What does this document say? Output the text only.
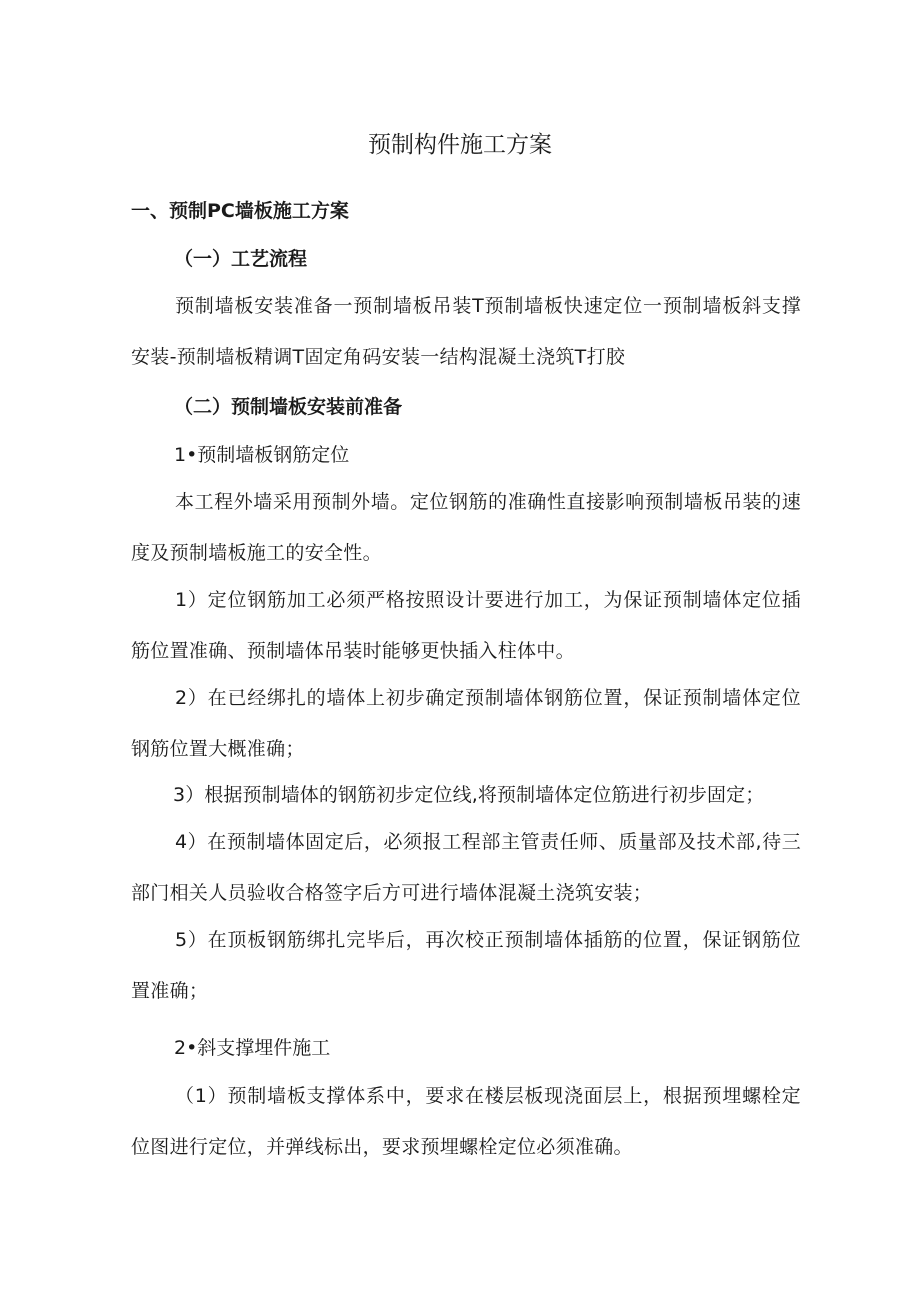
预制构件施工方案

一、预制PC墙板施工方案

（一）工艺流程

预制墙板安装准备一预制墙板吊装T预制墙板快速定位一预制墙板斜支撑安装-预制墙板精调T固定角码安装一结构混凝土浇筑T打胶

（二）预制墙板安装前准备

1•预制墙板钢筋定位

本工程外墙采用预制外墙。定位钢筋的准确性直接影响预制墙板吊装的速度及预制墙板施工的安全性。

1）定位钢筋加工必须严格按照设计要进行加工，为保证预制墙体定位插筋位置准确、预制墙体吊装时能够更快插入柱体中。

2）在已经绑扎的墙体上初步确定预制墙体钢筋位置，保证预制墙体定位钢筋位置大概准确；

3）根据预制墙体的钢筋初步定位线,将预制墙体定位筋进行初步固定；

4）在预制墙体固定后，必须报工程部主管责任师、质量部及技术部,待三部门相关人员验收合格签字后方可进行墙体混凝土浇筑安装；

5）在顶板钢筋绑扎完毕后，再次校正预制墙体插筋的位置，保证钢筋位置准确；

2•斜支撑埋件施工

（1）预制墙板支撑体系中，要求在楼层板现浇面层上，根据预埋螺栓定位图进行定位，并弹线标出，要求预埋螺栓定位必须准确。
